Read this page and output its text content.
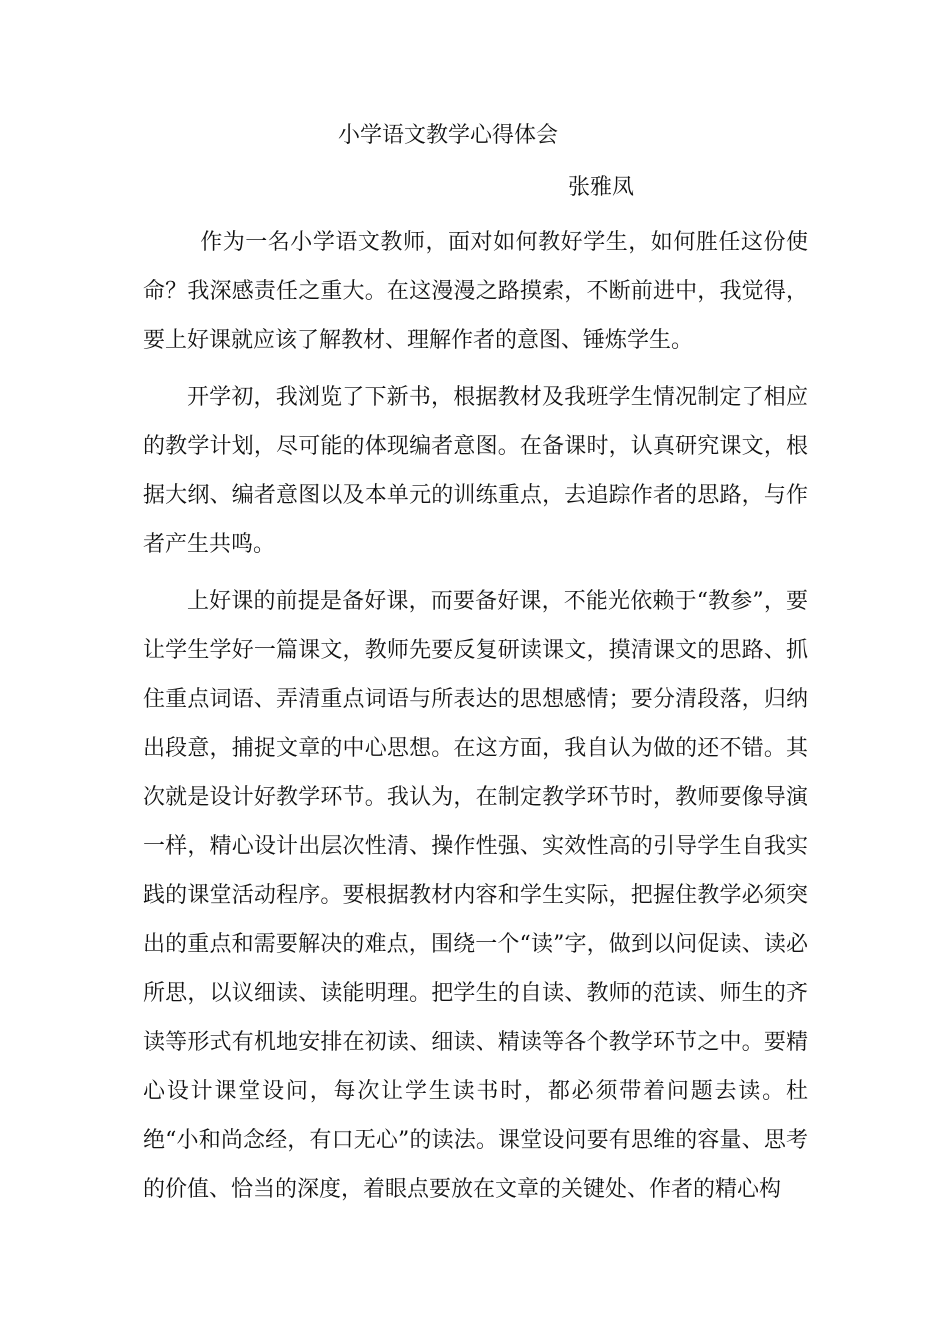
小学语文教学心得体会
张雅凤

作为一名小学语文教师，面对如何教好学生，如何胜任这份使命？我深感责任之重大。在这漫漫之路摸索，不断前进中，我觉得，要上好课就应该了解教材、理解作者的意图、锤炼学生。

开学初，我浏览了下新书，根据教材及我班学生情况制定了相应的教学计划，尽可能的体现编者意图。在备课时，认真研究课文，根据大纲、编者意图以及本单元的训练重点，去追踪作者的思路，与作者产生共鸣。

上好课的前提是备好课，而要备好课，不能光依赖于“教参”，要让学生学好一篇课文，教师先要反复研读课文，摸清课文的思路、抓住重点词语、弄清重点词语与所表达的思想感情；要分清段落，归纳出段意，捕捉文章的中心思想。在这方面，我自认为做的还不错。其次就是设计好教学环节。我认为，在制定教学环节时，教师要像导演一样，精心设计出层次性清、操作性强、实效性高的引导学生自我实践的课堂活动程序。要根据教材内容和学生实际，把握住教学必须突出的重点和需要解决的难点，围绕一个“读”字，做到以问促读、读必所思，以议细读、读能明理。把学生的自读、教师的范读、师生的齐读等形式有机地安排在初读、细读、精读等各个教学环节之中。要精心设计课堂设问，每次让学生读书时，都必须带着问题去读。杜绝“小和尚念经，有口无心”的读法。课堂设问要有思维的容量、思考的价值、恰当的深度，着眼点要放在文章的关键处、作者的精心构
